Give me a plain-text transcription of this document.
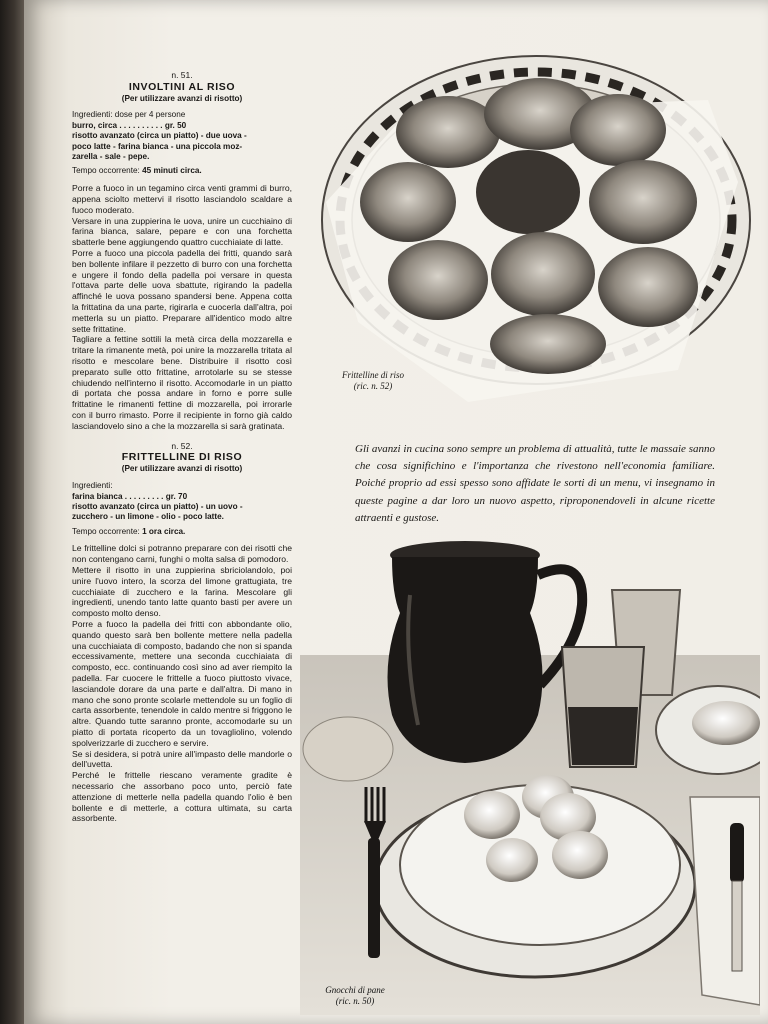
n. 51.

INVOLTINI AL RISO

(Per utilizzare avanzi di risotto)

Ingredienti: dose per 4 persone

burro, circa . . . . . . . . . . gr. 50
risotto avanzato (circa un piatto) - due uova -
poco latte - farina bianca - una piccola moz-
zarella - sale - pepe.

Tempo occorrente: 45 minuti circa.

Porre a fuoco in un tegamino circa venti grammi di burro, appena sciolto mettervi il risotto lasciandolo scaldare a fuoco moderato.

Versare in una zuppierina le uova, unire un cucchiaino di farina bianca, salare, pepare e con una forchetta sbatterle bene aggiungendo quattro cucchiaiate di latte.

Porre a fuoco una piccola padella dei fritti, quando sarà ben bollente infilare il pezzetto di burro con una forchetta e ungere il fondo della padella poi versare in questa l'ottava parte delle uova sbattute, rigirando la padella affinché le uova possano spandersi bene. Appena cotta la frittatina da una parte, rigirarla e cuocerla dall'altra, poi metterla su un piatto. Preparare all'identico modo altre sette frittatine.

Tagliare a fettine sottili la metà circa della mozzarella e tritare la rimanente metà, poi unire la mozzarella tritata al risotto e mescolare bene. Distribuire il risotto così preparato sulle otto frittatine, arrotolarle su se stesse chiudendo nell'interno il risotto. Accomodarle in un piatto di portata che possa andare in forno e porre sulle frittatine le rimanenti fettine di mozzarella, poi irrorarle con il burro rimasto. Porre il recipiente in forno già caldo lasciandovelo sino a che la mozzarella si sarà gratinata.

n. 52.

FRITTELLINE DI RISO

(Per utilizzare avanzi di risotto)

Ingredienti:

farina bianca . . . . . . . . . gr. 70
risotto avanzato (circa un piatto) - un uovo -
zucchero - un limone - olio - poco latte.

Tempo occorrente: 1 ora circa.

Le frittelline dolci si potranno preparare con dei risotti che non contengano carni, funghi o molta salsa di pomodoro.

Mettere il risotto in una zuppierina sbriciolandolo, poi unire l'uovo intero, la scorza del limone grattugiata, tre cucchiaiate di zucchero e la farina. Mescolare gli ingredienti, unendo tanto latte quanto basti per avere un composto molto denso.

Porre a fuoco la padella dei fritti con abbondante olio, quando questo sarà ben bollente mettere nella padella una cucchiaiata di composto, badando che non si spanda eccessivamente, mettere una seconda cucchiaiata di composto, ecc. continuando così sino ad aver riempito la padella. Far cuocere le frittelle a fuoco piuttosto vivace, lasciandole dorare da una parte e dall'altra. Di mano in mano che sono pronte scolarle mettendole su un foglio di carta assorbente, tenendole in caldo mentre si friggono le altre. Quando tutte saranno pronte, accomodarle su un piatto di portata ricoperto da un tovagliolino, volendo spolverizzarle di zucchero e servire.

Se si desidera, si potrà unire all'impasto delle mandorle o dell'uvetta.

Perché le frittelle riescano veramente gradite è necessario che assorbano poco unto, perciò fate attenzione di metterle nella padella quando l'olio è ben bollente e di metterle, a cottura ultimata, su carta assorbente.

Frittelline di riso
(ric. n. 52)

Gli avanzi in cucina sono sempre un problema di attualità, tutte le massaie sanno che cosa significhino e l'importanza che rivestono nell'economia familiare. Poiché proprio ad essi spesso sono affidate le sorti di un menu, vi insegnamo in queste pagine a dar loro un nuovo aspetto, riproponendoveli in alcune ricette attraenti e gustose.

Gnocchi di pane
(ric. n. 50)
